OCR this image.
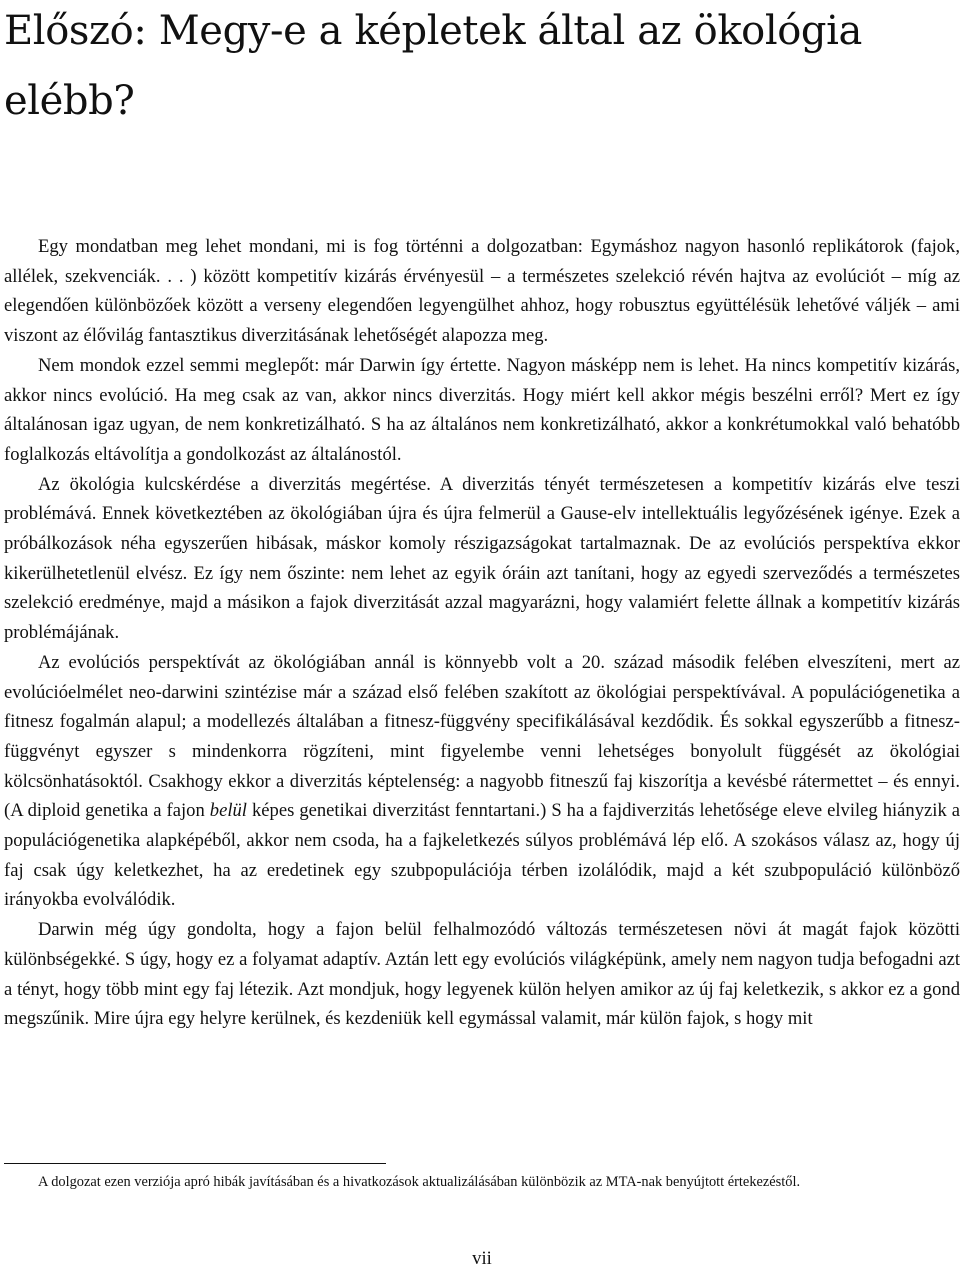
Előszó: Megy-e a képletek által az ökológia elébb?

Egy mondatban meg lehet mondani, mi is fog történni a dolgozatban: Egymáshoz nagyon hasonló replikátorok (fajok, allélek, szekvenciák. . . ) között kompetitív kizárás érvényesül – a természetes szelekció révén hajtva az evolúciót – míg az elegendően különbözőek között a verseny elegendően legyengülhet ahhoz, hogy robusztus együttélésük lehetővé váljék – ami viszont az élővilág fantasztikus diverzitásának lehetőségét alapozza meg.

Nem mondok ezzel semmi meglepőt: már Darwin így értette. Nagyon másképp nem is lehet. Ha nincs kompetitív kizárás, akkor nincs evolúció. Ha meg csak az van, akkor nincs diverzitás. Hogy miért kell akkor mégis beszélni erről? Mert ez így általánosan igaz ugyan, de nem konkretizálható. S ha az általános nem konkretizálható, akkor a konkrétumokkal való behatóbb foglalkozás eltávolítja a gondolkozást az általánostól.

Az ökológia kulcskérdése a diverzitás megértése. A diverzitás tényét természetesen a kompetitív kizárás elve teszi problémává. Ennek következtében az ökológiában újra és újra felmerül a Gause-elv intellektuális legyőzésének igénye. Ezek a próbálkozások néha egyszerűen hibásak, máskor komoly részigazságokat tartalmaznak. De az evolúciós perspektíva ekkor kikerülhetetlenül elvész. Ez így nem őszinte: nem lehet az egyik óráin azt tanítani, hogy az egyedi szerveződés a természetes szelekció eredménye, majd a másikon a fajok diverzitását azzal magyarázni, hogy valamiért felette állnak a kompetitív kizárás problémájának.

Az evolúciós perspektívát az ökológiában annál is könnyebb volt a 20. század második felében elveszíteni, mert az evolúcióelmélet neo-darwini szintézise már a század első felében szakított az ökológiai perspektívával. A populációgenetika a fitnesz fogalmán alapul; a modellezés általában a fitnesz-függvény specifikálásával kezdődik. És sokkal egyszerűbb a fitnesz-függvényt egyszer s mindenkorra rögzíteni, mint figyelembe venni lehetséges bonyolult függését az ökológiai kölcsönhatásoktól. Csakhogy ekkor a diverzitás képtelenség: a nagyobb fitneszű faj kiszorítja a kevésbé rátermettet – és ennyi. (A diploid genetika a fajon belül képes genetikai diverzitást fenntartani.) S ha a fajdiverzitás lehetősége eleve elvileg hiányzik a populációgenetika alapképéből, akkor nem csoda, ha a fajkeletkezés súlyos problémává lép elő. A szokásos válasz az, hogy új faj csak úgy keletkezhet, ha az eredetinek egy szubpopulációja térben izolálódik, majd a két szubpopuláció különböző irányokba evolválódik.

Darwin még úgy gondolta, hogy a fajon belül felhalmozódó változás természetesen növi át magát fajok közötti különbségekké. S úgy, hogy ez a folyamat adaptív. Aztán lett egy evolúciós világképünk, amely nem nagyon tudja befogadni azt a tényt, hogy több mint egy faj létezik. Azt mondjuk, hogy legyenek külön helyen amikor az új faj keletkezik, s akkor ez a gond megszűnik. Mire újra egy helyre kerülnek, és kezdeniük kell egymással valamit, már külön fajok, s hogy mit

A dolgozat ezen verziója apró hibák javításában és a hivatkozások aktualizálásában különbözik az MTA-nak benyújtott értekezéstől.

vii
